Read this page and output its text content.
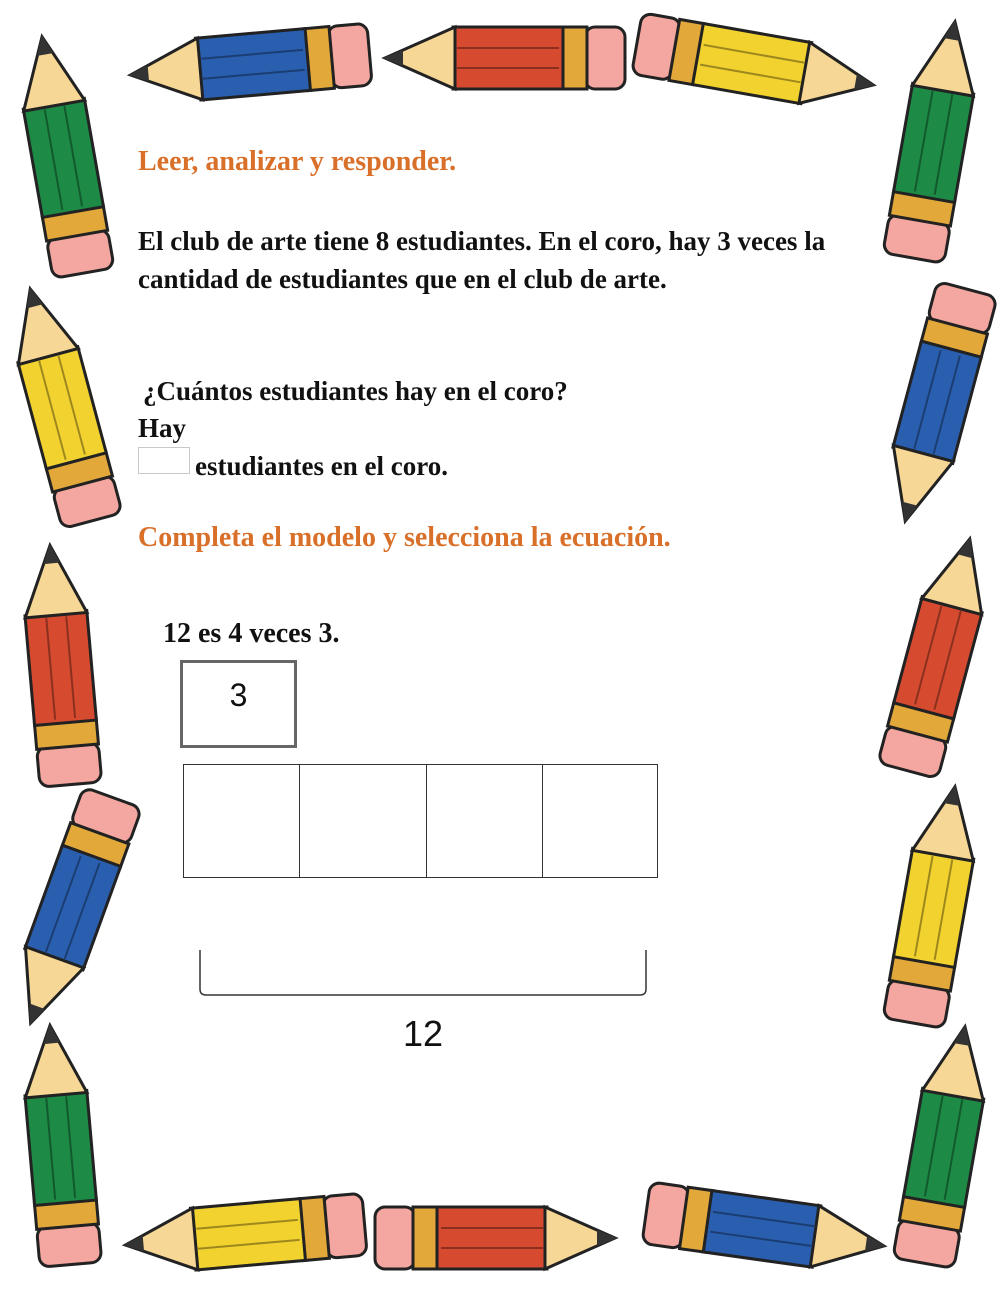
Leer, analizar y responder.
El club de arte tiene 8 estudiantes. En el coro, hay 3 veces la cantidad de estudiantes que en el club de arte.
¿Cuántos estudiantes hay en el coro?
Hay
estudiantes en el coro.
Completa el modelo y selecciona la ecuación.
12 es 4 veces 3.
3
12
